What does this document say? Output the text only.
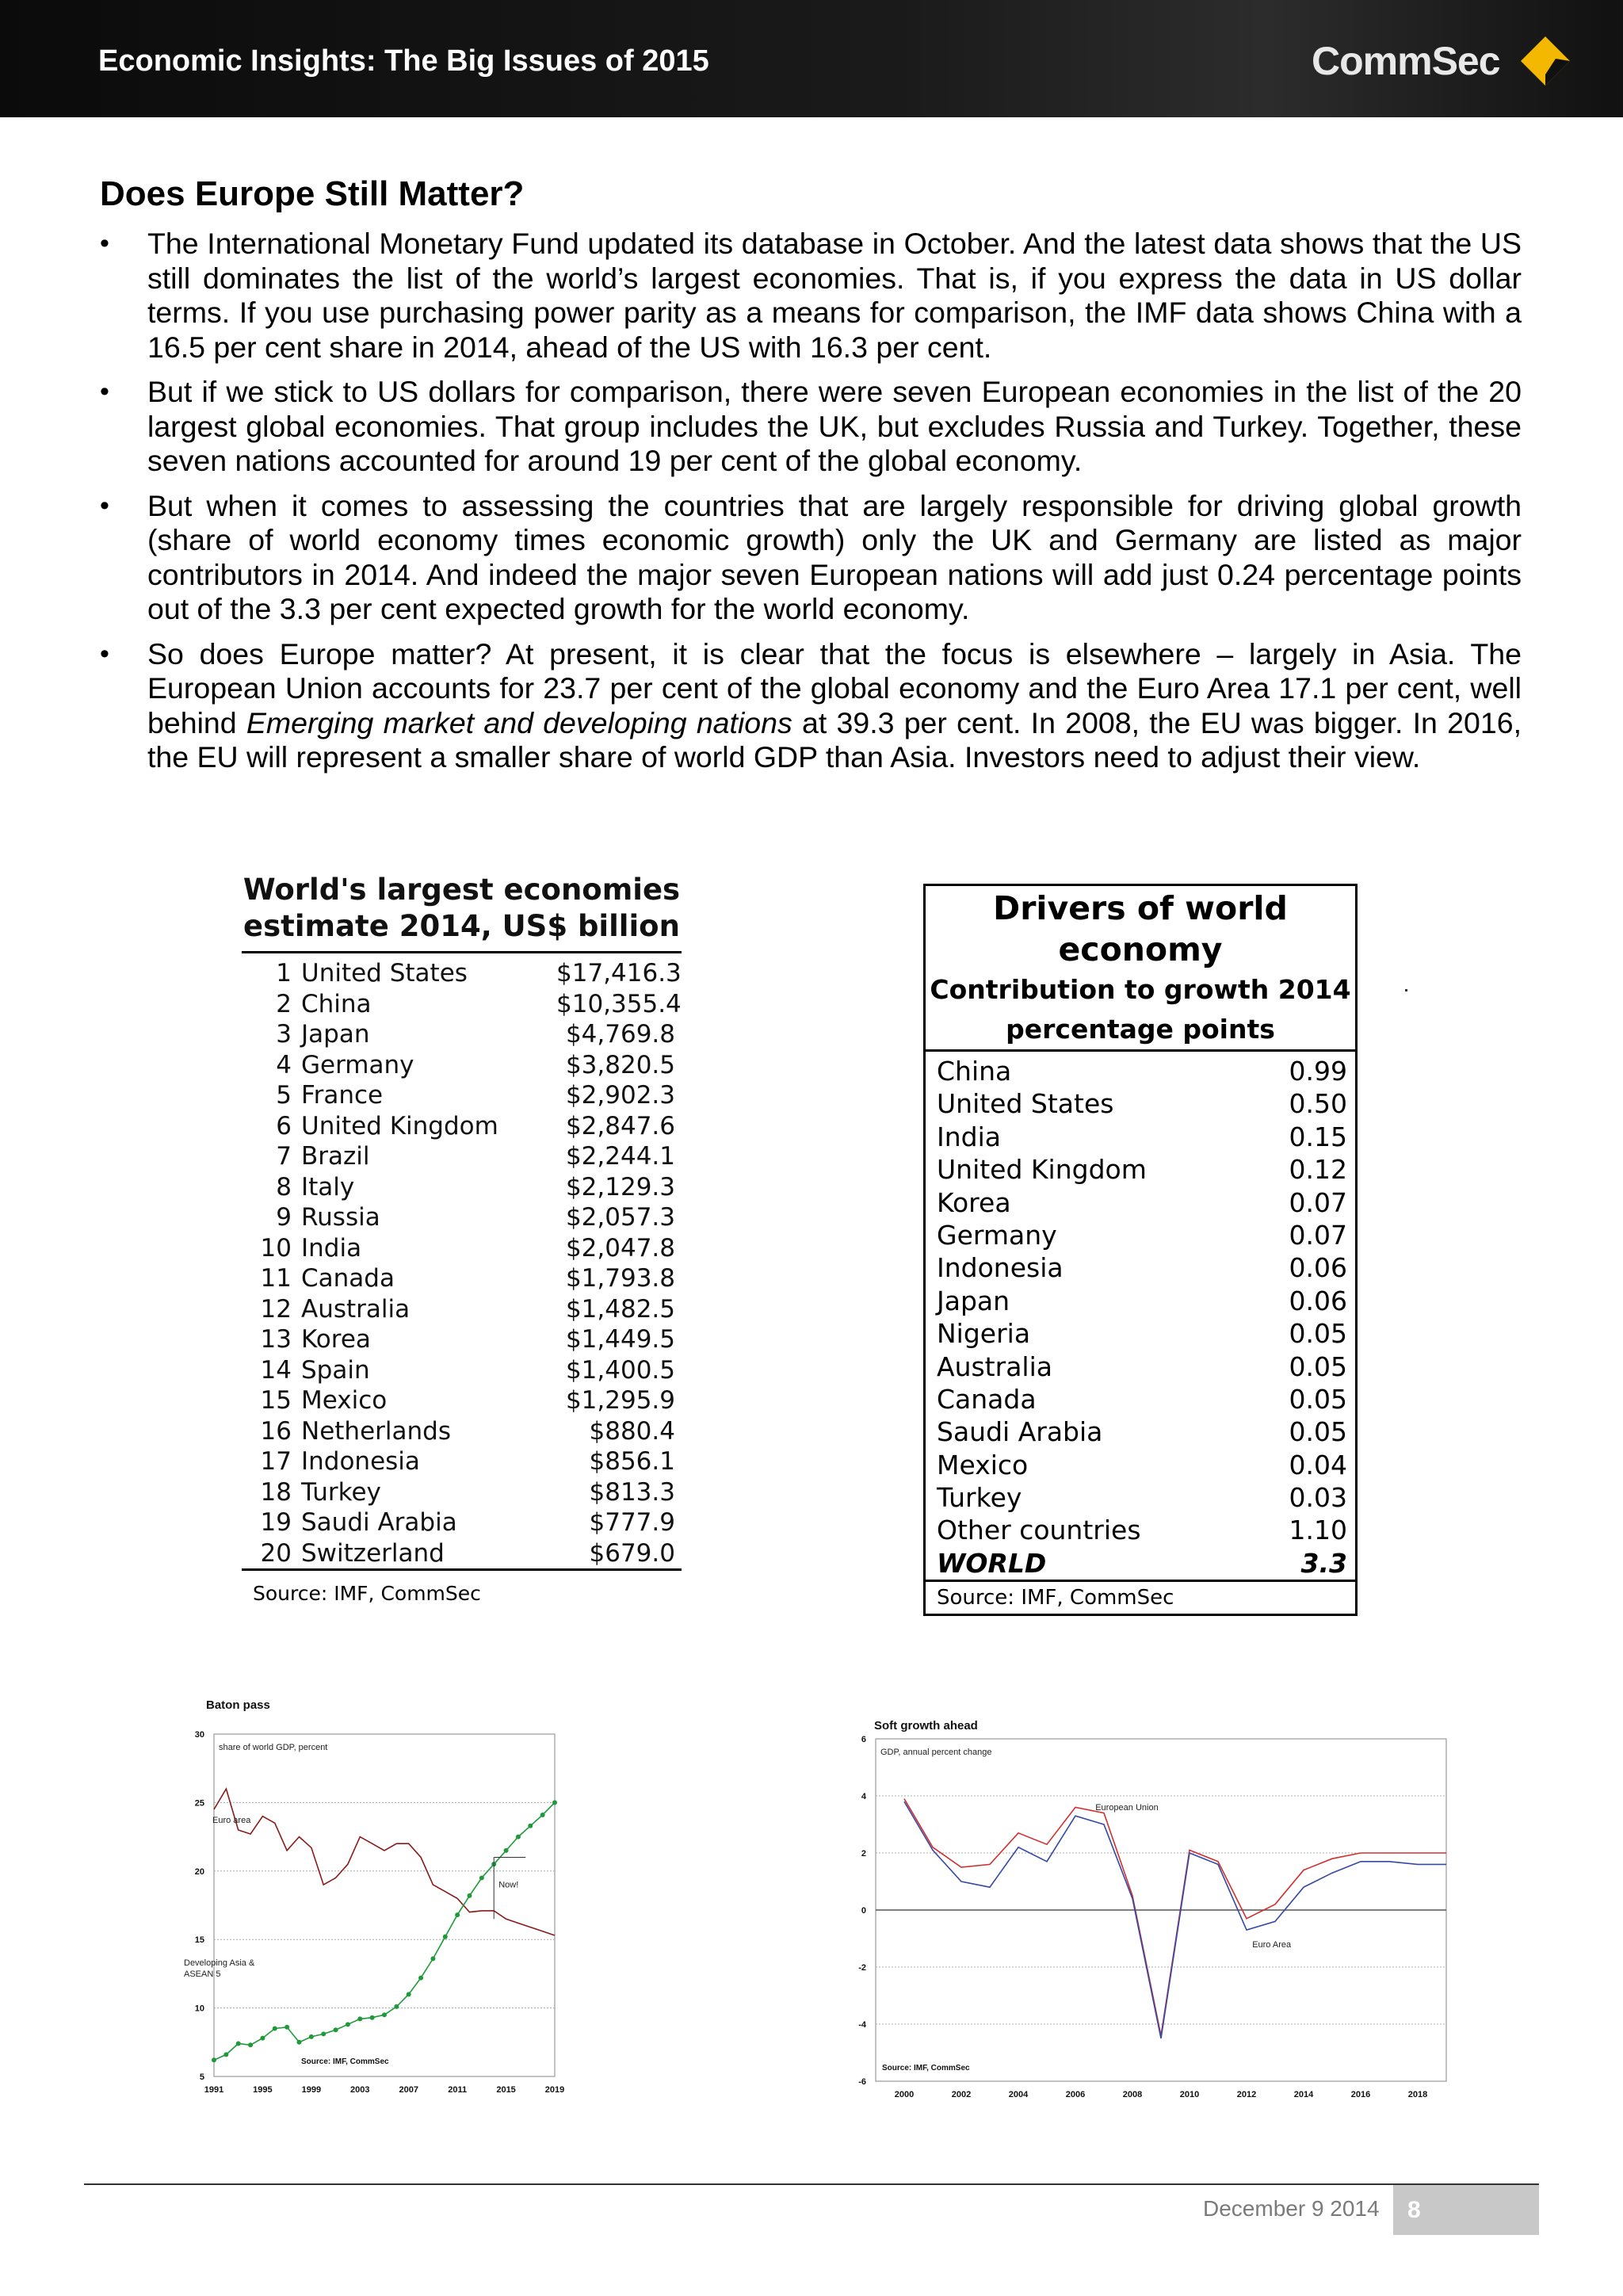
Economic Insights: The Big Issues of 2015	CommSec
Does Europe Still Matter?
• The International Monetary Fund updated its database in October. And the latest data shows that the US still dominates the list of the world’s largest economies. That is, if you express the data in US dollar terms. If you use purchasing power parity as a means for comparison, the IMF data shows China with a 16.5 per cent share in 2014, ahead of the US with 16.3 per cent.
• But if we stick to US dollars for comparison, there were seven European economies in the list of the 20 largest global economies. That group includes the UK, but excludes Russia and Turkey. Together, these seven nations accounted for around 19 per cent of the global economy.
• But when it comes to assessing the countries that are largely responsible for driving global growth (share of world economy times economic growth) only the UK and Germany are listed as major contributors in 2014. And indeed the major seven European nations will add just 0.24 percentage points out of the 3.3 per cent expected growth for the world economy.
• So does Europe matter? At present, it is clear that the focus is elsewhere – largely in Asia. The European Union accounts for 23.7 per cent of the global economy and the Euro Area 17.1 per cent, well behind Emerging market and developing nations at 39.3 per cent. In 2008, the EU was bigger. In 2016, the EU will represent a smaller share of world GDP than Asia. Investors need to adjust their view.
World's largest economies
estimate 2014, US$ billion
1 United States	$17,416.3
2 China	$10,355.4
3 Japan	$4,769.8
4 Germany	$3,820.5
5 France	$2,902.3
6 United Kingdom	$2,847.6
7 Brazil	$2,244.1
8 Italy	$2,129.3
9 Russia	$2,057.3
10 India	$2,047.8
11 Canada	$1,793.8
12 Australia	$1,482.5
13 Korea	$1,449.5
14 Spain	$1,400.5
15 Mexico	$1,295.9
16 Netherlands	$880.4
17 Indonesia	$856.1
18 Turkey	$813.3
19 Saudi Arabia	$777.9
20 Switzerland	$679.0
Source: IMF, CommSec
Drivers of world economy
Contribution to growth 2014
percentage points
China	0.99
United States	0.50
India	0.15
United Kingdom	0.12
Korea	0.07
Germany	0.07
Indonesia	0.06
Japan	0.06
Nigeria	0.05
Australia	0.05
Canada	0.05
Saudi Arabia	0.05
Mexico	0.04
Turkey	0.03
Other countries	1.10
WORLD	3.3
Source: IMF, CommSec
Baton pass
share of world GDP, percent
5
10
15
20
25
30
1991	1995	1999	2003	2007	2011	2015	2019
Source: IMF, CommSec
Euro area
Developing Asia & ASEAN 5
Now!
Soft growth ahead
GDP, annual percent change
-6
-4
-2
0
2
4
6
2000	2002	2004	2006	2008	2010	2012	2014	2016	2018
Source: IMF, CommSec
European Union
Euro Area
December 9 2014 8
